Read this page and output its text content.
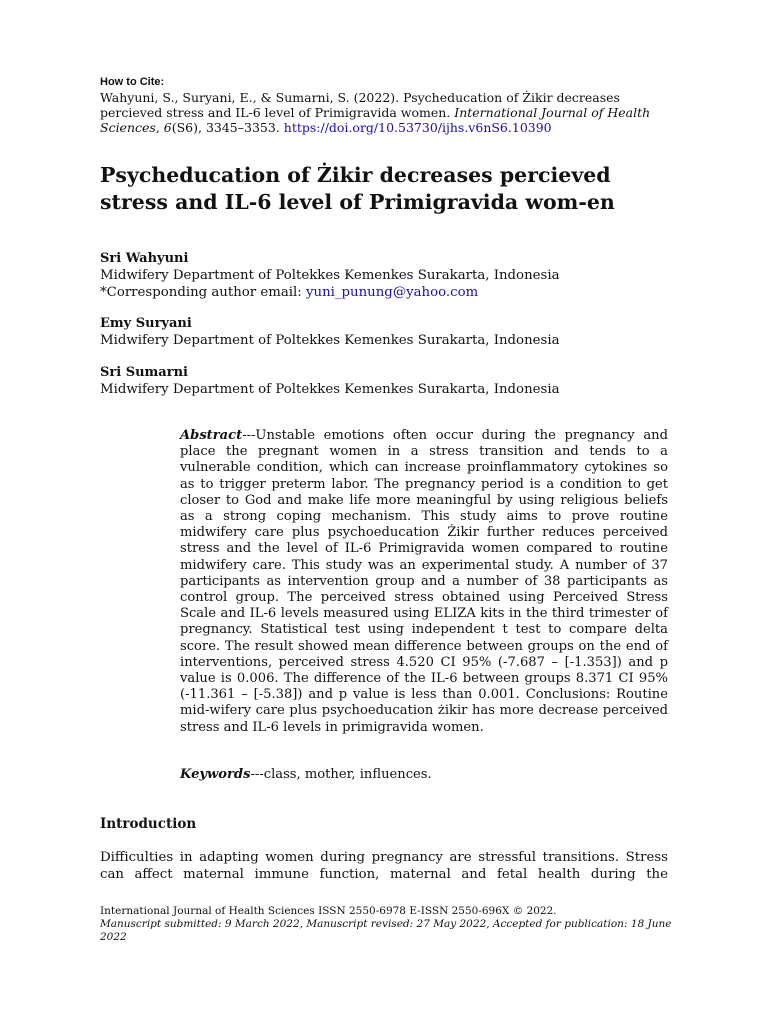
How to Cite:

Wahyuni, S., Suryani, E., & Sumarni, S. (2022). Psycheducation of Żikir decreases percieved stress and IL-6 level of Primigravida women. International Journal of Health Sciences, 6(S6), 3345–3353. https://doi.org/10.53730/ijhs.v6nS6.10390

Psycheducation of Żikir decreases percieved stress and IL-6 level of Primigravida wom-en

Sri Wahyuni

Midwifery Department of Poltekkes Kemenkes Surakarta, Indonesia

*Corresponding author email: yuni_punung@yahoo.com

Emy Suryani

Midwifery Department of Poltekkes Kemenkes Surakarta, Indonesia

Sri Sumarni

Midwifery Department of Poltekkes Kemenkes Surakarta, Indonesia

Abstract---Unstable emotions often occur during the pregnancy and place the pregnant women in a stress transition and tends to a vulnerable condition, which can increase proinflammatory cytokines so as to trigger preterm labor. The pregnancy period is a condition to get closer to God and make life more meaningful by using religious beliefs as a strong coping mechanism. This study aims to prove routine midwifery care plus psychoeducation Żikir further reduces perceived stress and the level of IL-6 Primigravida women compared to routine midwifery care. This study was an experimental study. A number of 37 participants as intervention group and a number of 38 participants as control group. The perceived stress obtained using Perceived Stress Scale and IL-6 levels measured using ELIZA kits in the third trimester of pregnancy. Statistical test using independent t test to compare delta score. The result showed mean difference between groups on the end of interventions, perceived stress 4.520 CI 95% (-7.687 – [-1.353]) and p value is 0.006. The difference of the IL-6 between groups 8.371 CI 95% (-11.361 – [-5.38]) and p value is less than 0.001. Conclusions: Routine mid-wifery care plus psychoeducation żikir has more decrease perceived stress and IL-6 levels in primigravida women.

Keywords---class, mother, influences.

Introduction

Difficulties in adapting women during pregnancy are stressful transitions. Stress can affect maternal immune function, maternal and fetal health during the

International Journal of Health Sciences ISSN 2550-6978 E-ISSN 2550-696X © 2022.

Manuscript submitted: 9 March 2022, Manuscript revised: 27 May 2022, Accepted for publication: 18 June 2022
